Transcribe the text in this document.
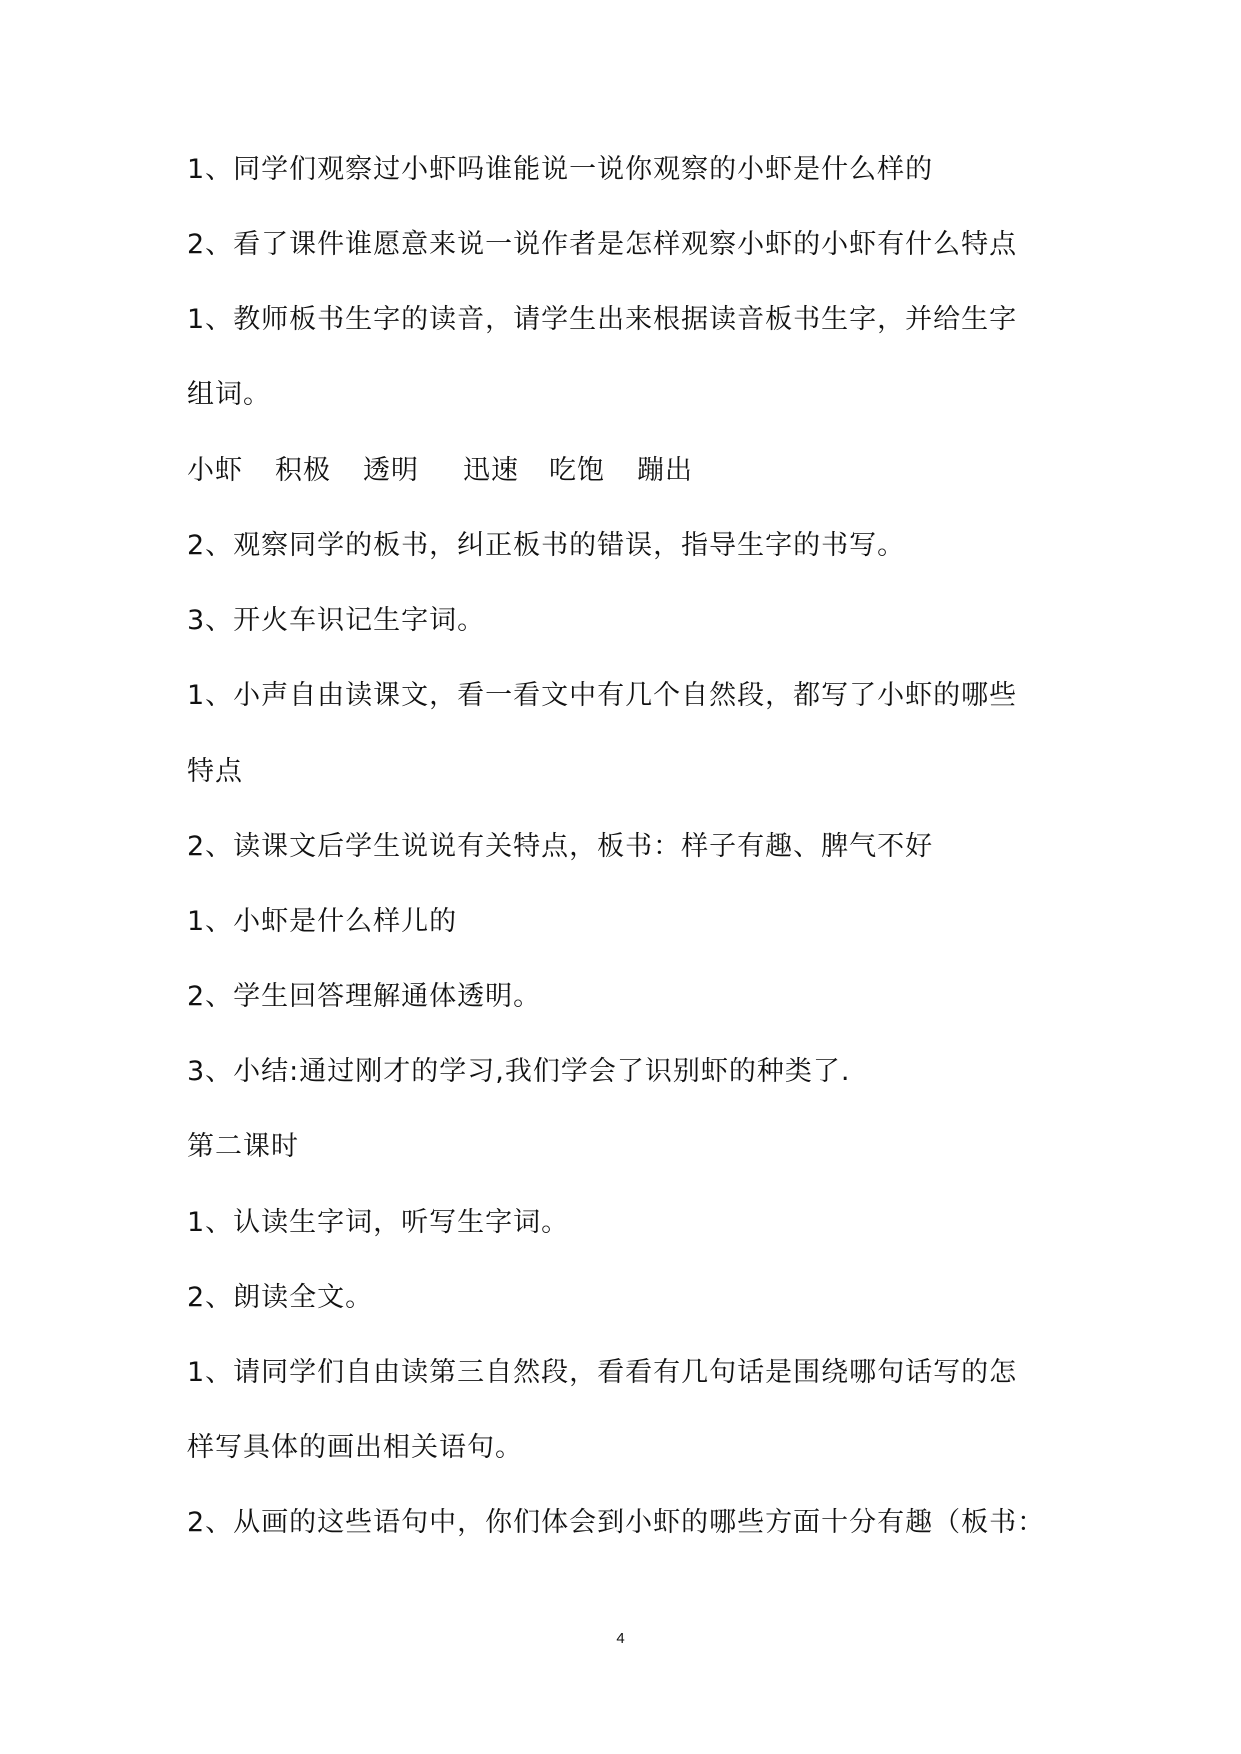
1、同学们观察过小虾吗谁能说一说你观察的小虾是什么样的
2、看了课件谁愿意来说一说作者是怎样观察小虾的小虾有什么特点
1、教师板书生字的读音，请学生出来根据读音板书生字，并给生字
组词。
小虾 积极 透明 迅速 吃饱 蹦出
2、观察同学的板书，纠正板书的错误，指导生字的书写。
3、开火车识记生字词。
1、小声自由读课文，看一看文中有几个自然段，都写了小虾的哪些
特点
2、读课文后学生说说有关特点，板书：样子有趣、脾气不好
1、小虾是什么样儿的
2、学生回答理解通体透明。
3、小结:通过刚才的学习,我们学会了识别虾的种类了.
第二课时
1、认读生字词，听写生字词。
2、朗读全文。
1、请同学们自由读第三自然段，看看有几句话是围绕哪句话写的怎
样写具体的画出相关语句。
2、从画的这些语句中，你们体会到小虾的哪些方面十分有趣（板书：
4
